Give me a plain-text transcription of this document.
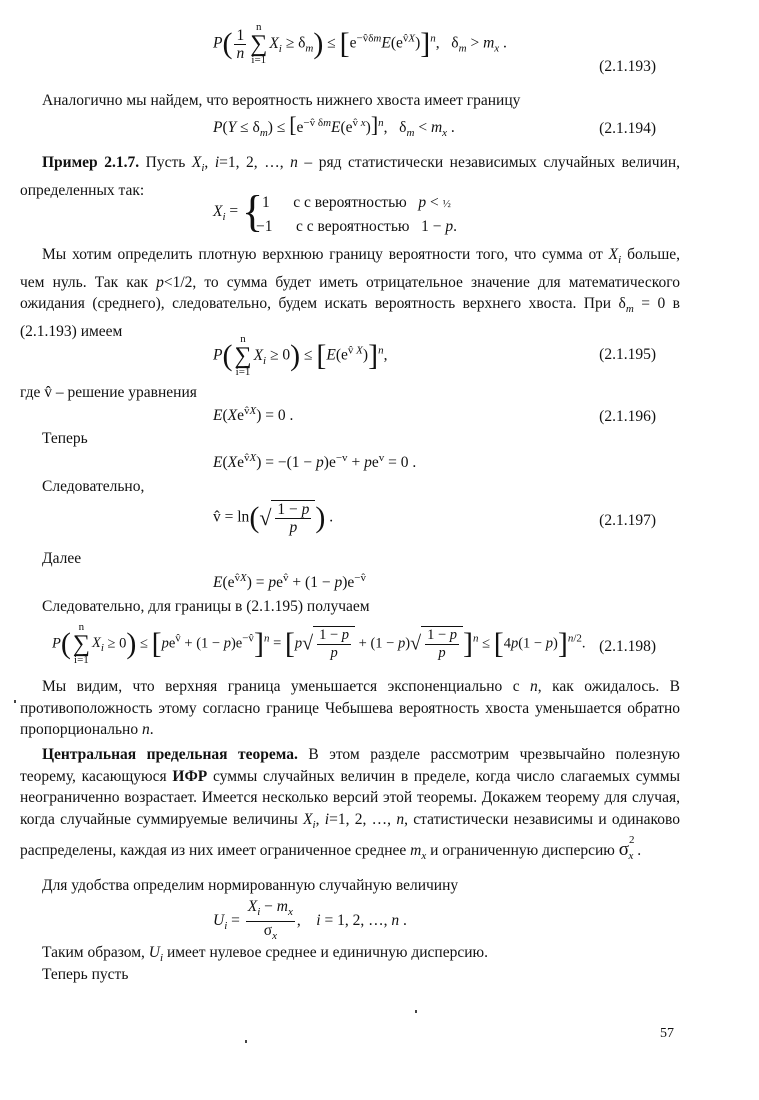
$P( \frac{1}{n}$ n
∑
$i=1X_i \ge \delta_m) \le [e^{-v̂\delta m}E(e^{v̂X})]^n$,   $\delta_m > m_x$ .
(2.1.193)
Аналогично мы найдем, что вероятность нижнего хвоста имеет границу
$P(Y \le \delta_m) \le [e^{-v̂ \delta m}E(e^{v̂ x})]^n$,   $\delta_m < m_x$ .	(2.1.194)
Пример 2.1.7. Пусть $X_i$, i=1, 2, …, n – ряд статистически независимых случайных величин, определенных так:
$X_i$ = {
1    с с вероятностью p < ½
−1    с с вероятностью   1 − p.
Мы хотим определить плотную верхнюю границу вероятности того, что сумма от $X_i$ больше, чем нуль. Так как p<1/2, то сумма будет иметь отрицательное значение для математического ожидания (среднего), следовательно, будем искать вероятность верхнего хвоста. При $\delta_m = 0$ в (2.1.193) имеем
P( n
∑
$i=1X_i \ge 0) \le [E(e^{v̂ X})]^n$,	(2.1.195)
где v̂ – решение уравнения
$E(Xe^{v̂X}) = 0$ .	(2.1.196)
Теперь
$E(Xe^{v̂X}) = -(1 - p)e^{-v} + pe^v = 0$ .
Следовательно,
v̂ = $\ln(√ \frac{1 - p}{p}$ ) .	(2.1.197)
Далее
$E(e^{v̂X}) = pe^{v̂} + (1 - p)e^{-v̂}$
Следовательно, для границы в (2.1.195) получаем
P( n
∑
$i=1X_i \ge 0) \le [pe^{v̂} + (1 - p)e^{-v̂}]^n = [p√ \frac{1 - p}{p} + (1 - p)√ \frac{1 - p}{p} ]^n \le [4p(1 - p)]^{n/2}$. (2.1.198)
Мы видим, что верхняя граница уменьшается экспоненциально с n, как ожидалось. В противоположность этому согласно границе Чебышева вероятность хвоста уменьшается обратно пропорционально n.
Центральная предельная теорема. В этом разделе рассмотрим чрезвычайно полезную теорему, касающуюся ИФР суммы случайных величин в пределе, когда число слагаемых суммы неограниченно возрастает. Имеется несколько версий этой теоремы. Докажем теорему для случая, когда случайные суммируемые величины $X_i$, i=1, 2, …, n, статистически независимы и одинаково распределены, каждая из них имеет ограниченное среднее $m_x$ и ограниченную дисперсию $\sigma^2_x$ .
Для удобства определим нормированную случайную величину
$U_i = \frac{X_i - m_x}{\sigma_x}$ ,    i = 1, 2, …, n .
Таким образом, $U_i$ имеет нулевое среднее и единичную дисперсию.
Теперь пусть
57
